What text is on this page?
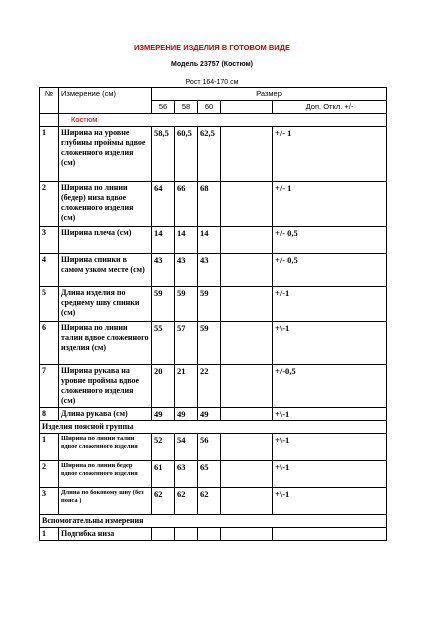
ИЗМЕРЕНИЕ ИЗДЕЛИЯ В ГОТОВОМ ВИДЕ
Модель 23757 (Костюм)
Рост 164-170 см
№	Измерение (см)	Размер				
		56	58	60		Доп. Откл. +/-
	Костюм					
1	Ширина на уровне глубины проймы вдвое сложенного изделия (см)	58,5	60,5	62,5		+/- 1
2	Ширина по линии (бедер) низа вдвое сложенного изделия (см)	64	66	68		+/- 1
3	Ширина плеча (см)	14	14	14		+/- 0,5
4	Ширина спинки в самом узком месте (см)	43	43	43		+/- 0,5
5	Длина изделия по среднему шву спинки (см)	59	59	59		+/-1
6	Ширина по линии талии вдвое сложенного изделия (см)	55	57	59		+\-1
7	Ширина рукава на уровне проймы вдвое сложенного изделия (см)	20	21	22		+/-0,5
8	Длина рукава (см)	49	49	49		+\-1
Изделия поясной группы						
1	Ширина по линии талии вдвое сложенного изделия	52	54	56		+\-1
2	Ширина по линии бедер вдвое сложенного изделия	61	63	65		+\-1
3	Длина по боковому шву (без пояса )	62	62	62		+\-1
Вспомогательны измерения						
1	Подгибка низа					
